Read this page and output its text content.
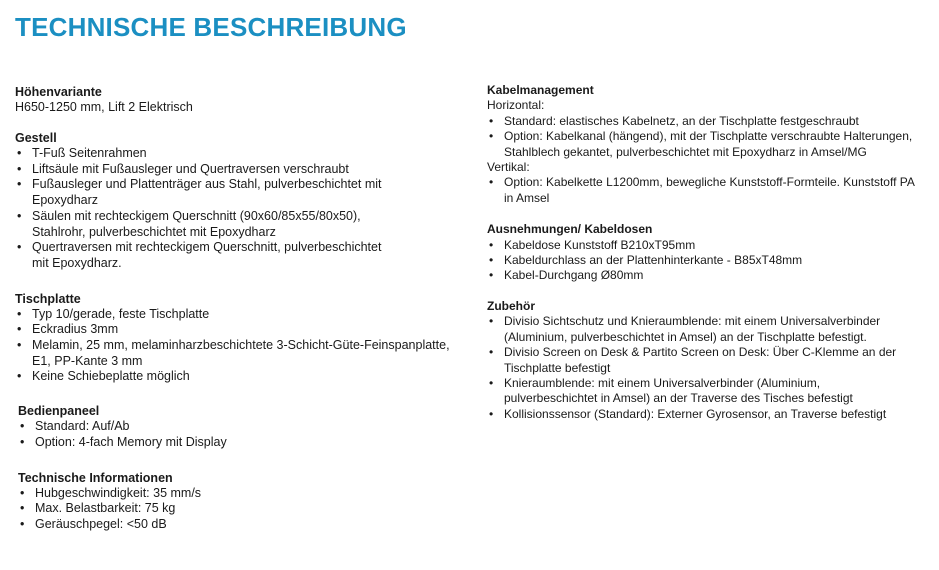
TECHNISCHE BESCHREIBUNG

Höhenvariante

H650-1250 mm, Lift 2 Elektrisch

Gestell

• T-Fuß Seitenrahmen
• Liftsäule mit Fußausleger und Quertraversen verschraubt
• Fußausleger und Plattenträger aus Stahl, pulverbeschichtet mit
Epoxydharz
• Säulen mit rechteckigem Querschnitt (90x60/85x55/80x50),
Stahlrohr, pulverbeschichtet mit Epoxydharz
• Quertraversen mit rechteckigem Querschnitt, pulverbeschichtet
mit Epoxydharz.

Tischplatte

• Typ 10/gerade, feste Tischplatte
• Eckradius 3mm
• Melamin, 25 mm, melaminharzbeschichtete 3-Schicht-Güte-Feinspanplatte,
E1, PP-Kante 3 mm
• Keine Schiebeplatte möglich

Bedienpaneel

• Standard: Auf/Ab
• Option: 4-fach Memory mit Display

Technische Informationen

• Hubgeschwindigkeit: 35 mm/s
• Max. Belastbarkeit: 75 kg
• Geräuschpegel: <50 dB

Kabelmanagement

Horizontal:

• Standard: elastisches Kabelnetz, an der Tischplatte festgeschraubt
• Option: Kabelkanal (hängend), mit der Tischplatte verschraubte Halterungen,
Stahlblech gekantet, pulverbeschichtet mit Epoxydharz in Amsel/MG

Vertikal:

• Option: Kabelkette L1200mm, bewegliche Kunststoff-Formteile. Kunststoff PA
in Amsel

Ausnehmungen/ Kabeldosen

• Kabeldose Kunststoff B210xT95mm
• Kabeldurchlass an der Plattenhinterkante - B85xT48mm
• Kabel-Durchgang Ø80mm

Zubehör

• Divisio Sichtschutz und Knieraumblende: mit einem Universalverbinder
(Aluminium, pulverbeschichtet in Amsel) an der Tischplatte befestigt.
• Divisio Screen on Desk & Partito Screen on Desk: Über C-Klemme an der
Tischplatte befestigt
• Knieraumblende: mit einem Universalverbinder (Aluminium,
pulverbeschichtet in Amsel) an der Traverse des Tisches befestigt
• Kollisionssensor (Standard): Externer Gyrosensor, an Traverse befestigt
